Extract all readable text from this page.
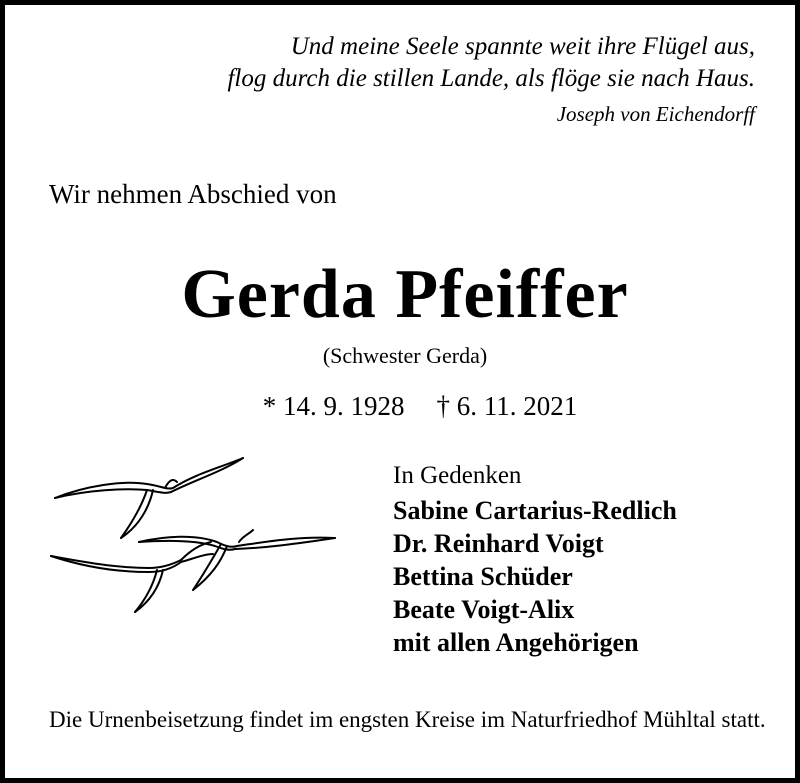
Und meine Seele spannte weit ihre Flügel aus,
flog durch die stillen Lande, als flöge sie nach Haus.
Joseph von Eichendorff
Wir nehmen Abschied von
Gerda Pfeiffer
(Schwester Gerda)
* 14. 9. 1928 † 6. 11. 2021
In Gedenken
Sabine Cartarius-Redlich
Dr. Reinhard Voigt
Bettina Schüder
Beate Voigt-Alix
mit allen Angehörigen
Die Urnenbeisetzung findet im engsten Kreise im Naturfriedhof Mühltal statt.
